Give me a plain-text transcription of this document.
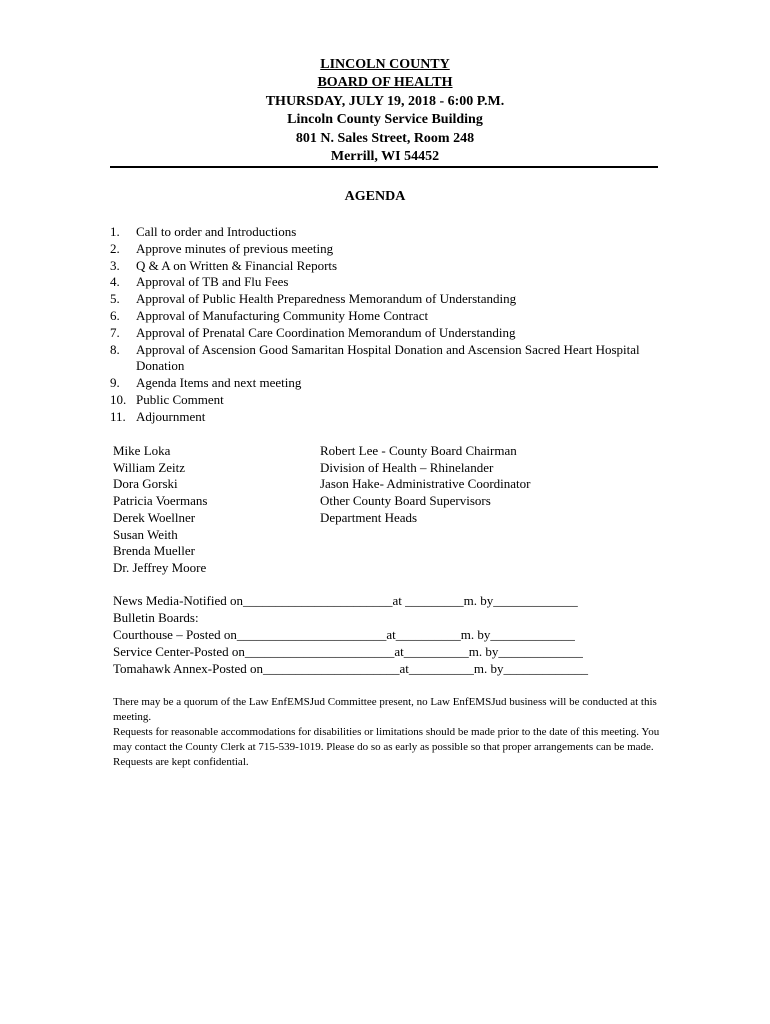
LINCOLN COUNTY
BOARD OF HEALTH
THURSDAY, JULY 19, 2018 - 6:00 P.M.
Lincoln County Service Building
801 N. Sales Street, Room 248
Merrill, WI 54452
AGENDA
1. Call to order and Introductions
2. Approve minutes of previous meeting
3. Q & A on Written & Financial Reports
4. Approval of TB and Flu Fees
5. Approval of Public Health Preparedness Memorandum of Understanding
6. Approval of Manufacturing Community Home Contract
7. Approval of Prenatal Care Coordination Memorandum of Understanding
8. Approval of Ascension Good Samaritan Hospital Donation and Ascension Sacred Heart Hospital Donation
9. Agenda Items and next meeting
10. Public Comment
11. Adjournment
Mike Loka
William Zeitz
Dora Gorski
Patricia Voermans
Derek Woellner
Susan Weith
Brenda Mueller
Dr. Jeffrey Moore
Robert Lee - County Board Chairman
Division of Health – Rhinelander
Jason Hake- Administrative Coordinator
Other County Board Supervisors
Department Heads
News Media-Notified on_______________________at _________m. by_____________
Bulletin Boards:
Courthouse – Posted on_______________________at__________m. by_____________
Service Center-Posted on_______________________at__________m. by_____________
Tomahawk Annex-Posted on_____________________at__________m. by_____________

There may be a quorum of the Law EnfEMSJud Committee present, no Law EnfEMSJud business will be conducted at this meeting.

Requests for reasonable accommodations for disabilities or limitations should be made prior to the date of this meeting. You may contact the County Clerk at 715-539-1019. Please do so as early as possible so that proper arrangements can be made. Requests are kept confidential.
